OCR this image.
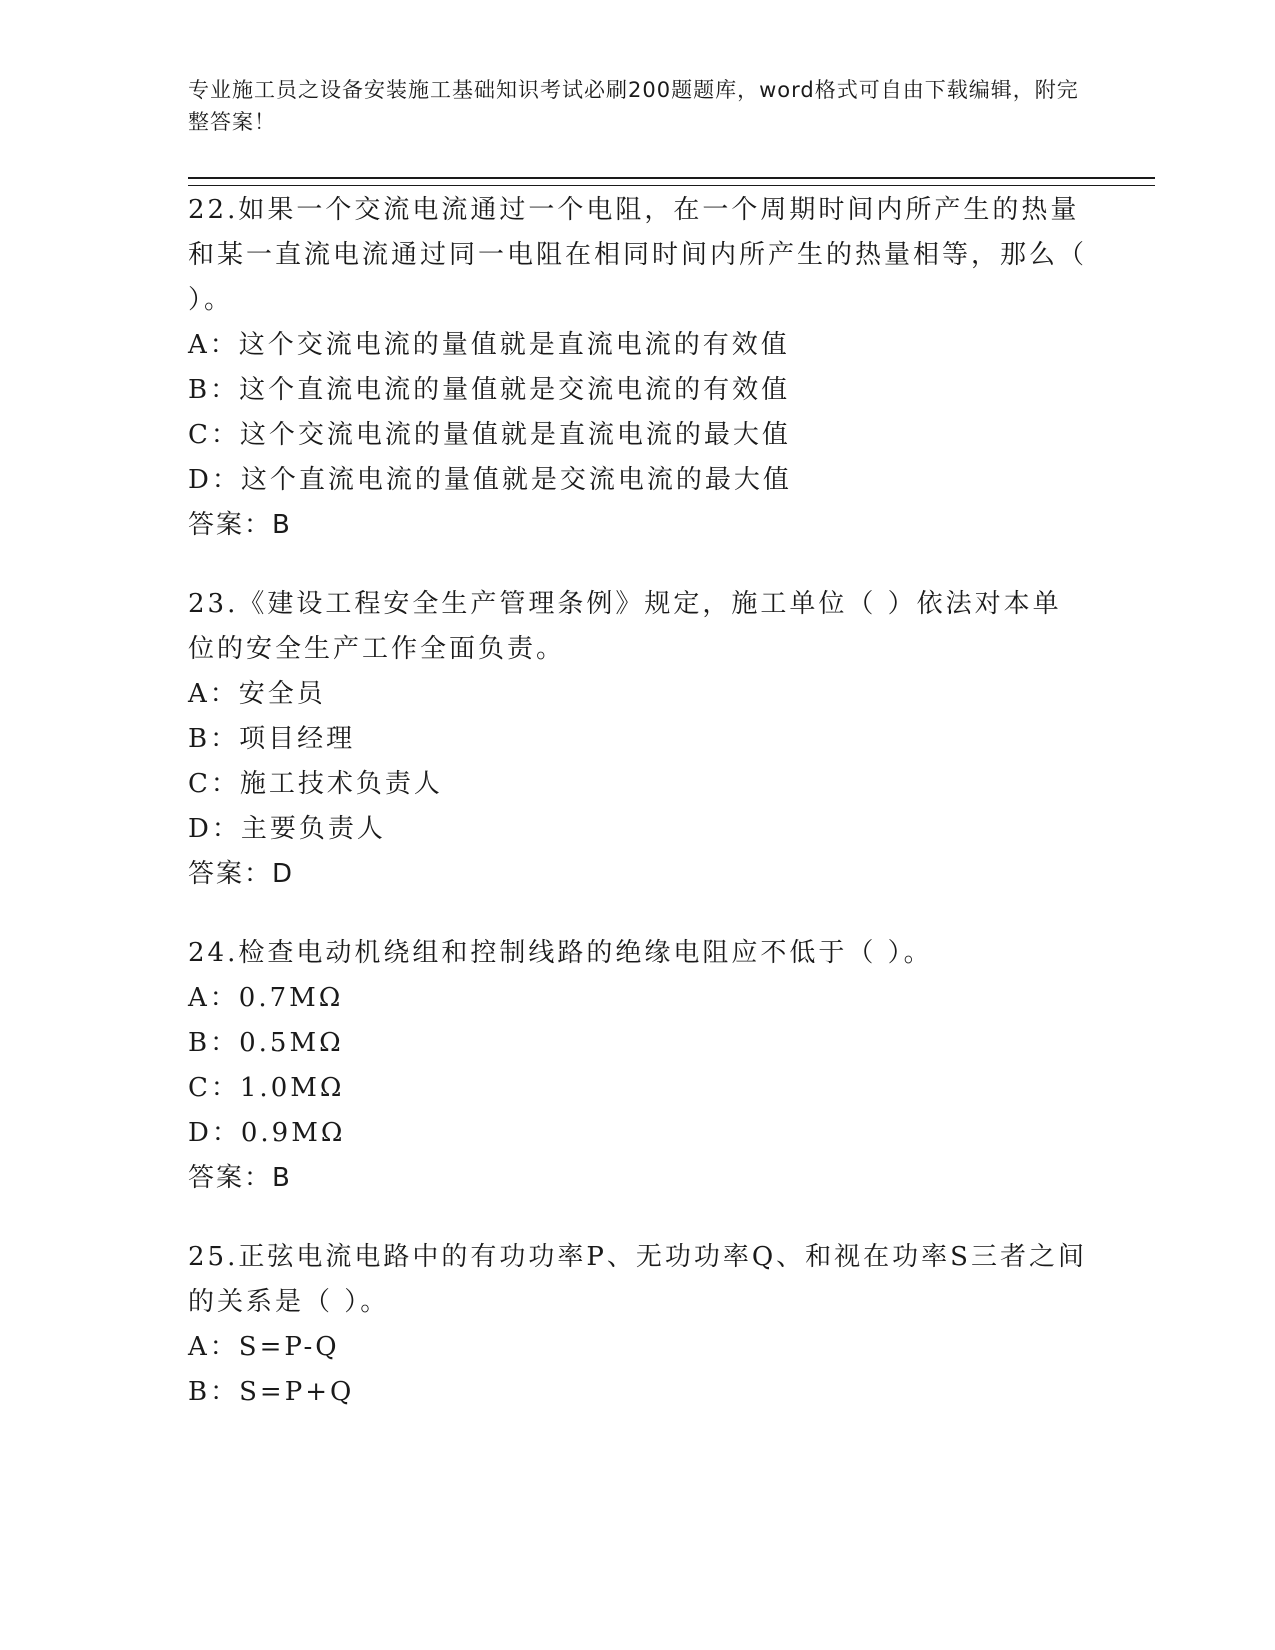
专业施工员之设备安装施工基础知识考试必刷200题题库，word格式可自由下载编辑，附完整答案！

22.如果一个交流电流通过一个电阻，在一个周期时间内所产生的热量和某一直流电流通过同一电阻在相同时间内所产生的热量相等，那么（ ）。

A：这个交流电流的量值就是直流电流的有效值

B：这个直流电流的量值就是交流电流的有效值

C：这个交流电流的量值就是直流电流的最大值

D：这个直流电流的量值就是交流电流的最大值

答案：B

23.《建设工程安全生产管理条例》规定，施工单位（ ）依法对本单位的安全生产工作全面负责。

A：安全员

B：项目经理

C：施工技术负责人

D：主要负责人

答案：D

24.检查电动机绕组和控制线路的绝缘电阻应不低于（ ）。

A：0.7MΩ

B：0.5MΩ

C：1.0MΩ

D：0.9MΩ

答案：B

25.正弦电流电路中的有功功率P、无功功率Q、和视在功率S三者之间的关系是（ ）。

A：S=P-Q

B：S=P+Q
